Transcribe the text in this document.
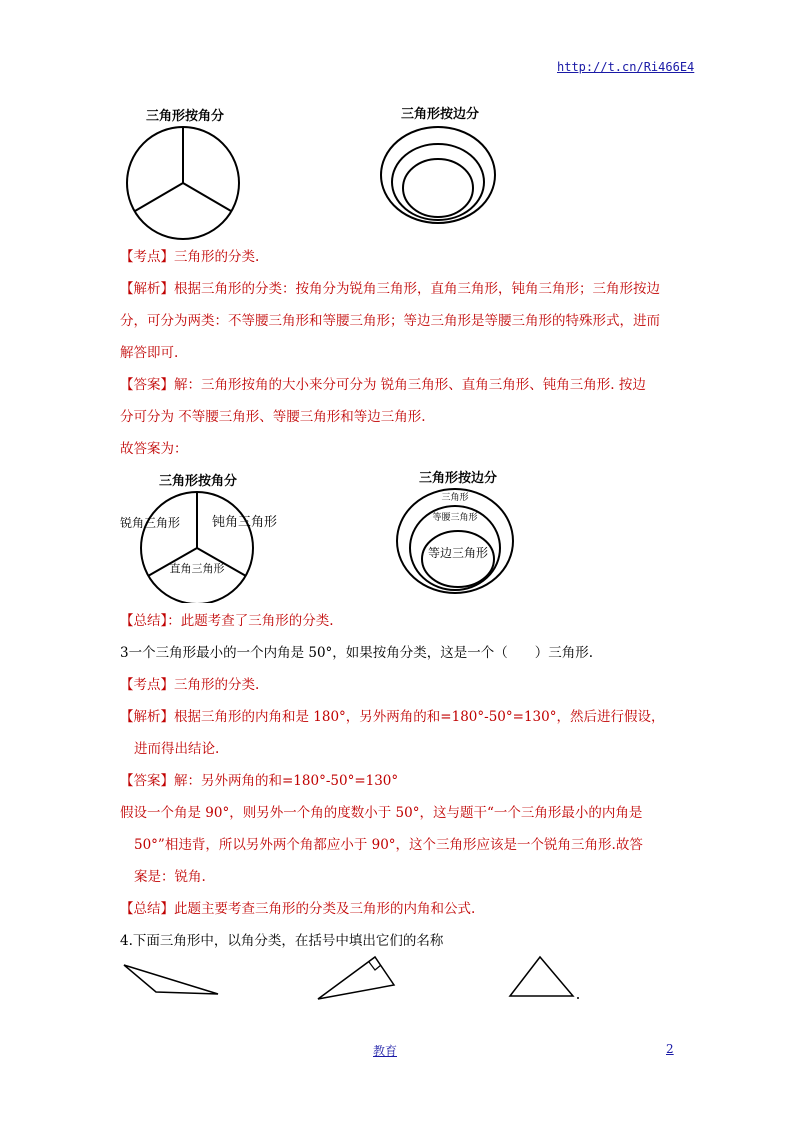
http://t.cn/Ri466E4
三角形按角分	三角形按边分
【考点】三角形的分类.
【解析】根据三角形的分类：按角分为锐角三角形，直角三角形，钝角三角形；三角形按边
分，可分为两类：不等腰三角形和等腰三角形；等边三角形是等腰三角形的特殊形式，进而
解答即可.
【答案】解：三角形按角的大小来分可分为 锐角三角形、直角三角形、钝角三角形. 按边
分可分为 不等腰三角形、等腰三角形和等边三角形.
故答案为：
三角形按角分
锐角三角形 钝角三角形
直角三角形
三角形按边分
三角形
等腰三角形
等边三角形
【总结】：此题考查了三角形的分类.
3一个三角形最小的一个内角是 50°，如果按角分类，这是一个（　　）三角形.
【考点】三角形的分类.
【解析】根据三角形的内角和是 180°，另外两角的和=180°-50°=130°，然后进行假设，
进而得出结论.
【答案】解：另外两角的和=180°-50°=130°
假设一个角是 90°，则另外一个角的度数小于 50°，这与题干“一个三角形最小的内角是
50°”相违背，所以另外两个角都应小于 90°，这个三角形应该是一个锐角三角形.故答
案是：锐角.
【总结】此题主要考查三角形的分类及三角形的内角和公式.
4.下面三角形中，以角分类，在括号中填出它们的名称
教育	2
